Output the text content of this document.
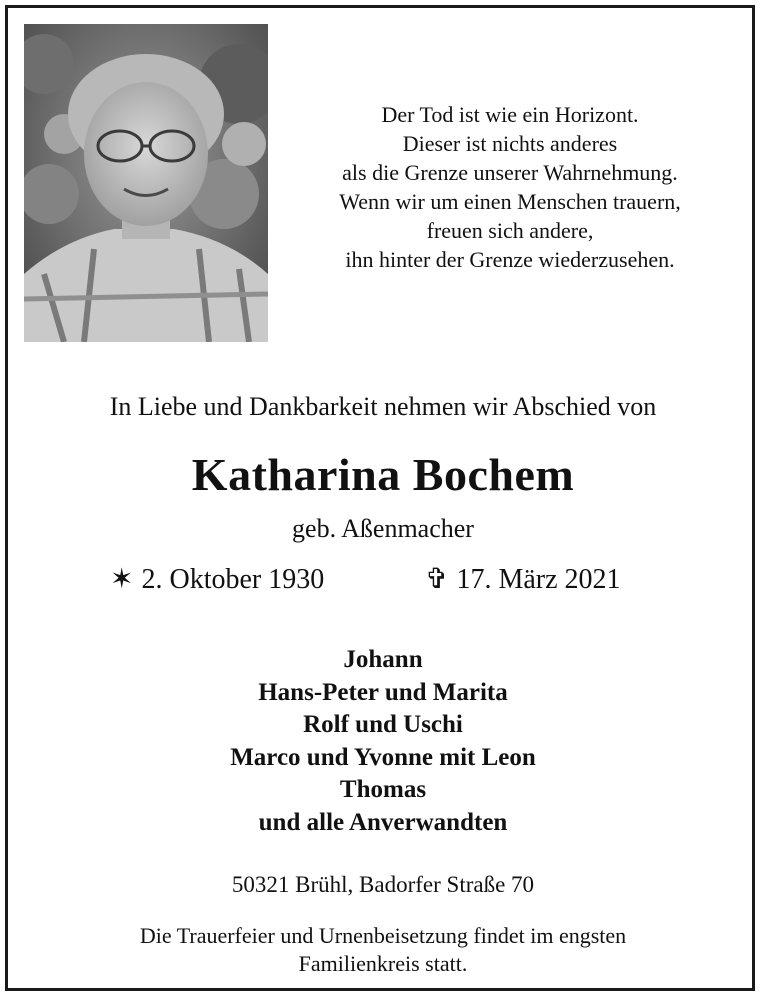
Der Tod ist wie ein Horizont.
Dieser ist nichts anderes
als die Grenze unserer Wahrnehmung.
Wenn wir um einen Menschen trauern,
freuen sich andere,
ihn hinter der Grenze wiederzusehen.
In Liebe und Dankbarkeit nehmen wir Abschied von
Katharina Bochem
geb. Aßenmacher
✶ 2. Oktober 1930	✞ 17. März 2021
Johann
Hans-Peter und Marita
Rolf und Uschi
Marco und Yvonne mit Leon
Thomas
und alle Anverwandten
50321 Brühl, Badorfer Straße 70
Die Trauerfeier und Urnenbeisetzung findet im engsten
Familienkreis statt.
